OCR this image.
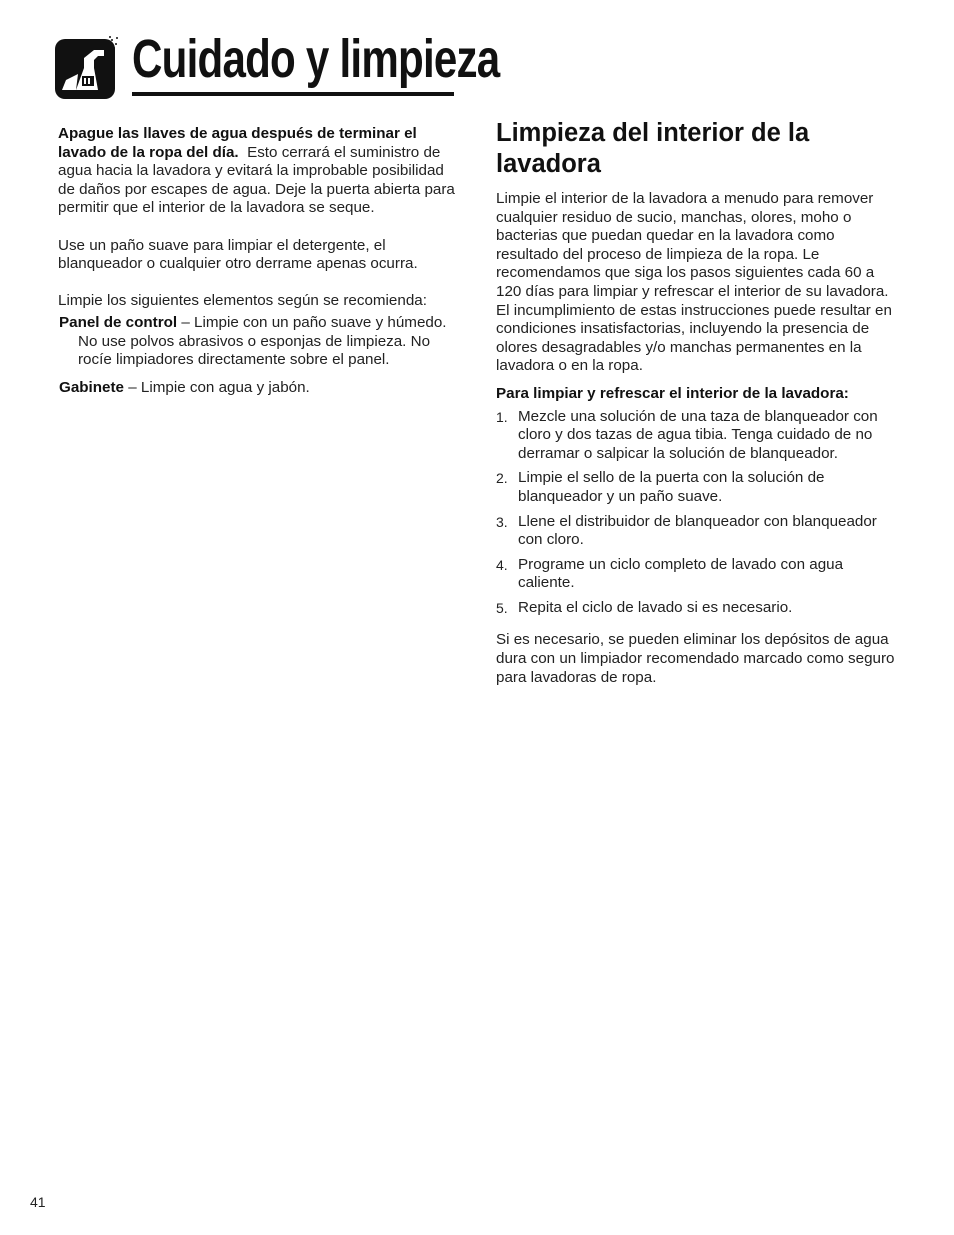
Cuidado y limpieza

Apague las llaves de agua después de terminar el lavado de la ropa del día. Esto cerrará el suministro de agua hacia la lavadora y evitará la improbable posibilidad de daños por escapes de agua. Deje la puerta abierta para permitir que el interior de la lavadora se seque.

Use un paño suave para limpiar el detergente, el blanqueador o cualquier otro derrame apenas ocurra.

Limpie los siguientes elementos según se recomienda:

Panel de control – Limpie con un paño suave y húmedo. No use polvos abrasivos o esponjas de limpieza. No rocíe limpiadores directamente sobre el panel.

Gabinete – Limpie con agua y jabón.

Limpieza del interior de la lavadora

Limpie el interior de la lavadora a menudo para remover cualquier residuo de sucio, manchas, olores, moho o bacterias que puedan quedar en la lavadora como resultado del proceso de limpieza de la ropa. Le recomendamos que siga los pasos siguientes cada 60 a 120 días para limpiar y refrescar el interior de su lavadora. El incumplimiento de estas instrucciones puede resultar en condiciones insatisfactorias, incluyendo la presencia de olores desagradables y/o manchas permanentes en la lavadora o en la ropa.

Para limpiar y refrescar el interior de la lavadora:

1. Mezcle una solución de una taza de blanqueador con cloro y dos tazas de agua tibia. Tenga cuidado de no derramar o salpicar la solución de blanqueador.
2. Limpie el sello de la puerta con la solución de blanqueador y un paño suave.
3. Llene el distribuidor de blanqueador con blanqueador con cloro.
4. Programe un ciclo completo de lavado con agua caliente.
5. Repita el ciclo de lavado si es necesario.

Si es necesario, se pueden eliminar los depósitos de agua dura con un limpiador recomendado marcado como seguro para lavadoras de ropa.

41
